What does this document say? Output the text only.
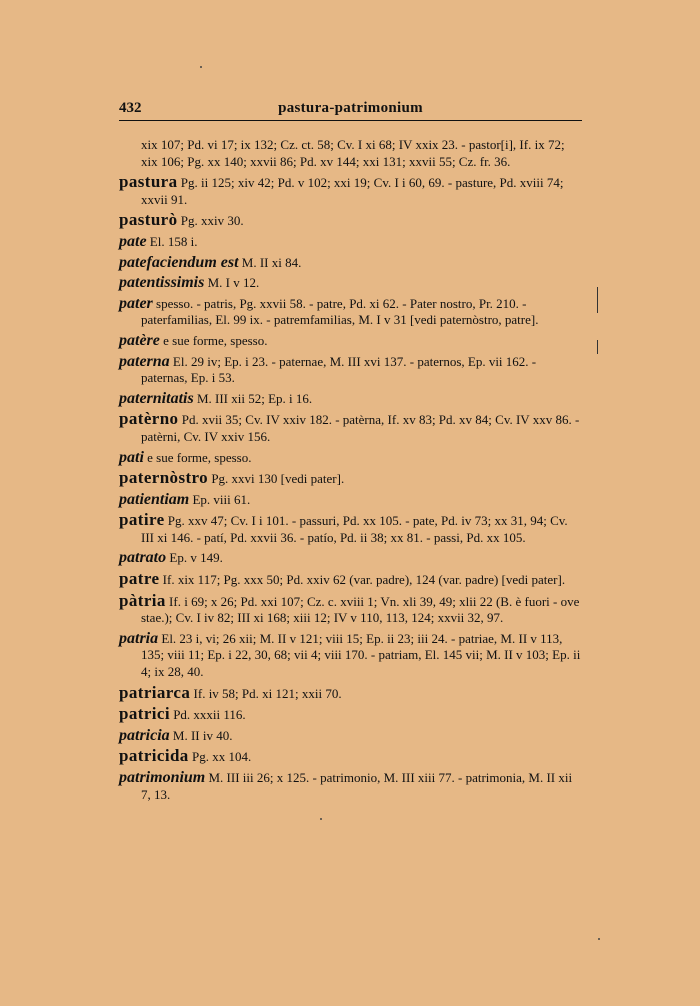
432	pastura-patrimonium
xix 107; Pd. vi 17; ix 132; Cz. ct. 58; Cv. I xi 68; IV xxix 23. - pastor[i], If. ix 72; xix 106; Pg. xx 140; xxvii 86; Pd. xv 144; xxi 131; xxvii 55; Cz. fr. 36.
pastura Pg. ii 125; xiv 42; Pd. v 102; xxi 19; Cv. I i 60, 69. - pasture, Pd. xviii 74; xxvii 91.
pasturò Pg. xxiv 30.
pate El. 158 i.
patefaciendum est M. II xi 84.
patentissimis M. I v 12.
pater spesso. - patris, Pg. xxvii 58. - patre, Pd. xi 62. - Pater nostro, Pr. 210. - paterfamilias, El. 99 ix. - patremfamilias, M. I v 31 [vedi paternòstro, patre].
patère e sue forme, spesso.
paterna El. 29 iv; Ep. i 23. - paternae, M. III xvi 137. - paternos, Ep. vii 162. - paternas, Ep. i 53.
paternitatis M. III xii 52; Ep. i 16.
patèrno Pd. xvii 35; Cv. IV xxiv 182. - patèrna, If. xv 83; Pd. xv 84; Cv. IV xxv 86. - patèrni, Cv. IV xxiv 156.
pati e sue forme, spesso.
paternòstro Pg. xxvi 130 [vedi pater].
patientiam Ep. viii 61.
patire Pg. xxv 47; Cv. I i 101. - passuri, Pd. xx 105. - pate, Pd. iv 73; xx 31, 94; Cv. III xi 146. - patí, Pd. xxvii 36. - patío, Pd. ii 38; xx 81. - passi, Pd. xx 105.
patrato Ep. v 149.
patre If. xix 117; Pg. xxx 50; Pd. xxiv 62 (var. padre), 124 (var. padre) [vedi pater].
pàtria If. i 69; x 26; Pd. xxi 107; Cz. c. xviii 1; Vn. xli 39, 49; xlii 22 (B. è fuori - ove stae.); Cv. I iv 82; III xi 168; xiii 12; IV v 110, 113, 124; xxvii 32, 97.
patria El. 23 i, vi; 26 xii; M. II v 121; viii 15; Ep. ii 23; iii 24. - patriae, M. II v 113, 135; viii 11; Ep. i 22, 30, 68; vii 4; viii 170. - patriam, El. 145 vii; M. II v 103; Ep. ii 4; ix 28, 40.
patriarca If. iv 58; Pd. xi 121; xxii 70.
patrici Pd. xxxii 116.
patricia M. II iv 40.
patricida Pg. xx 104.
patrimonium M. III iii 26; x 125. - patrimonio, M. III xiii 77. - patrimonia, M. II xii 7, 13.
